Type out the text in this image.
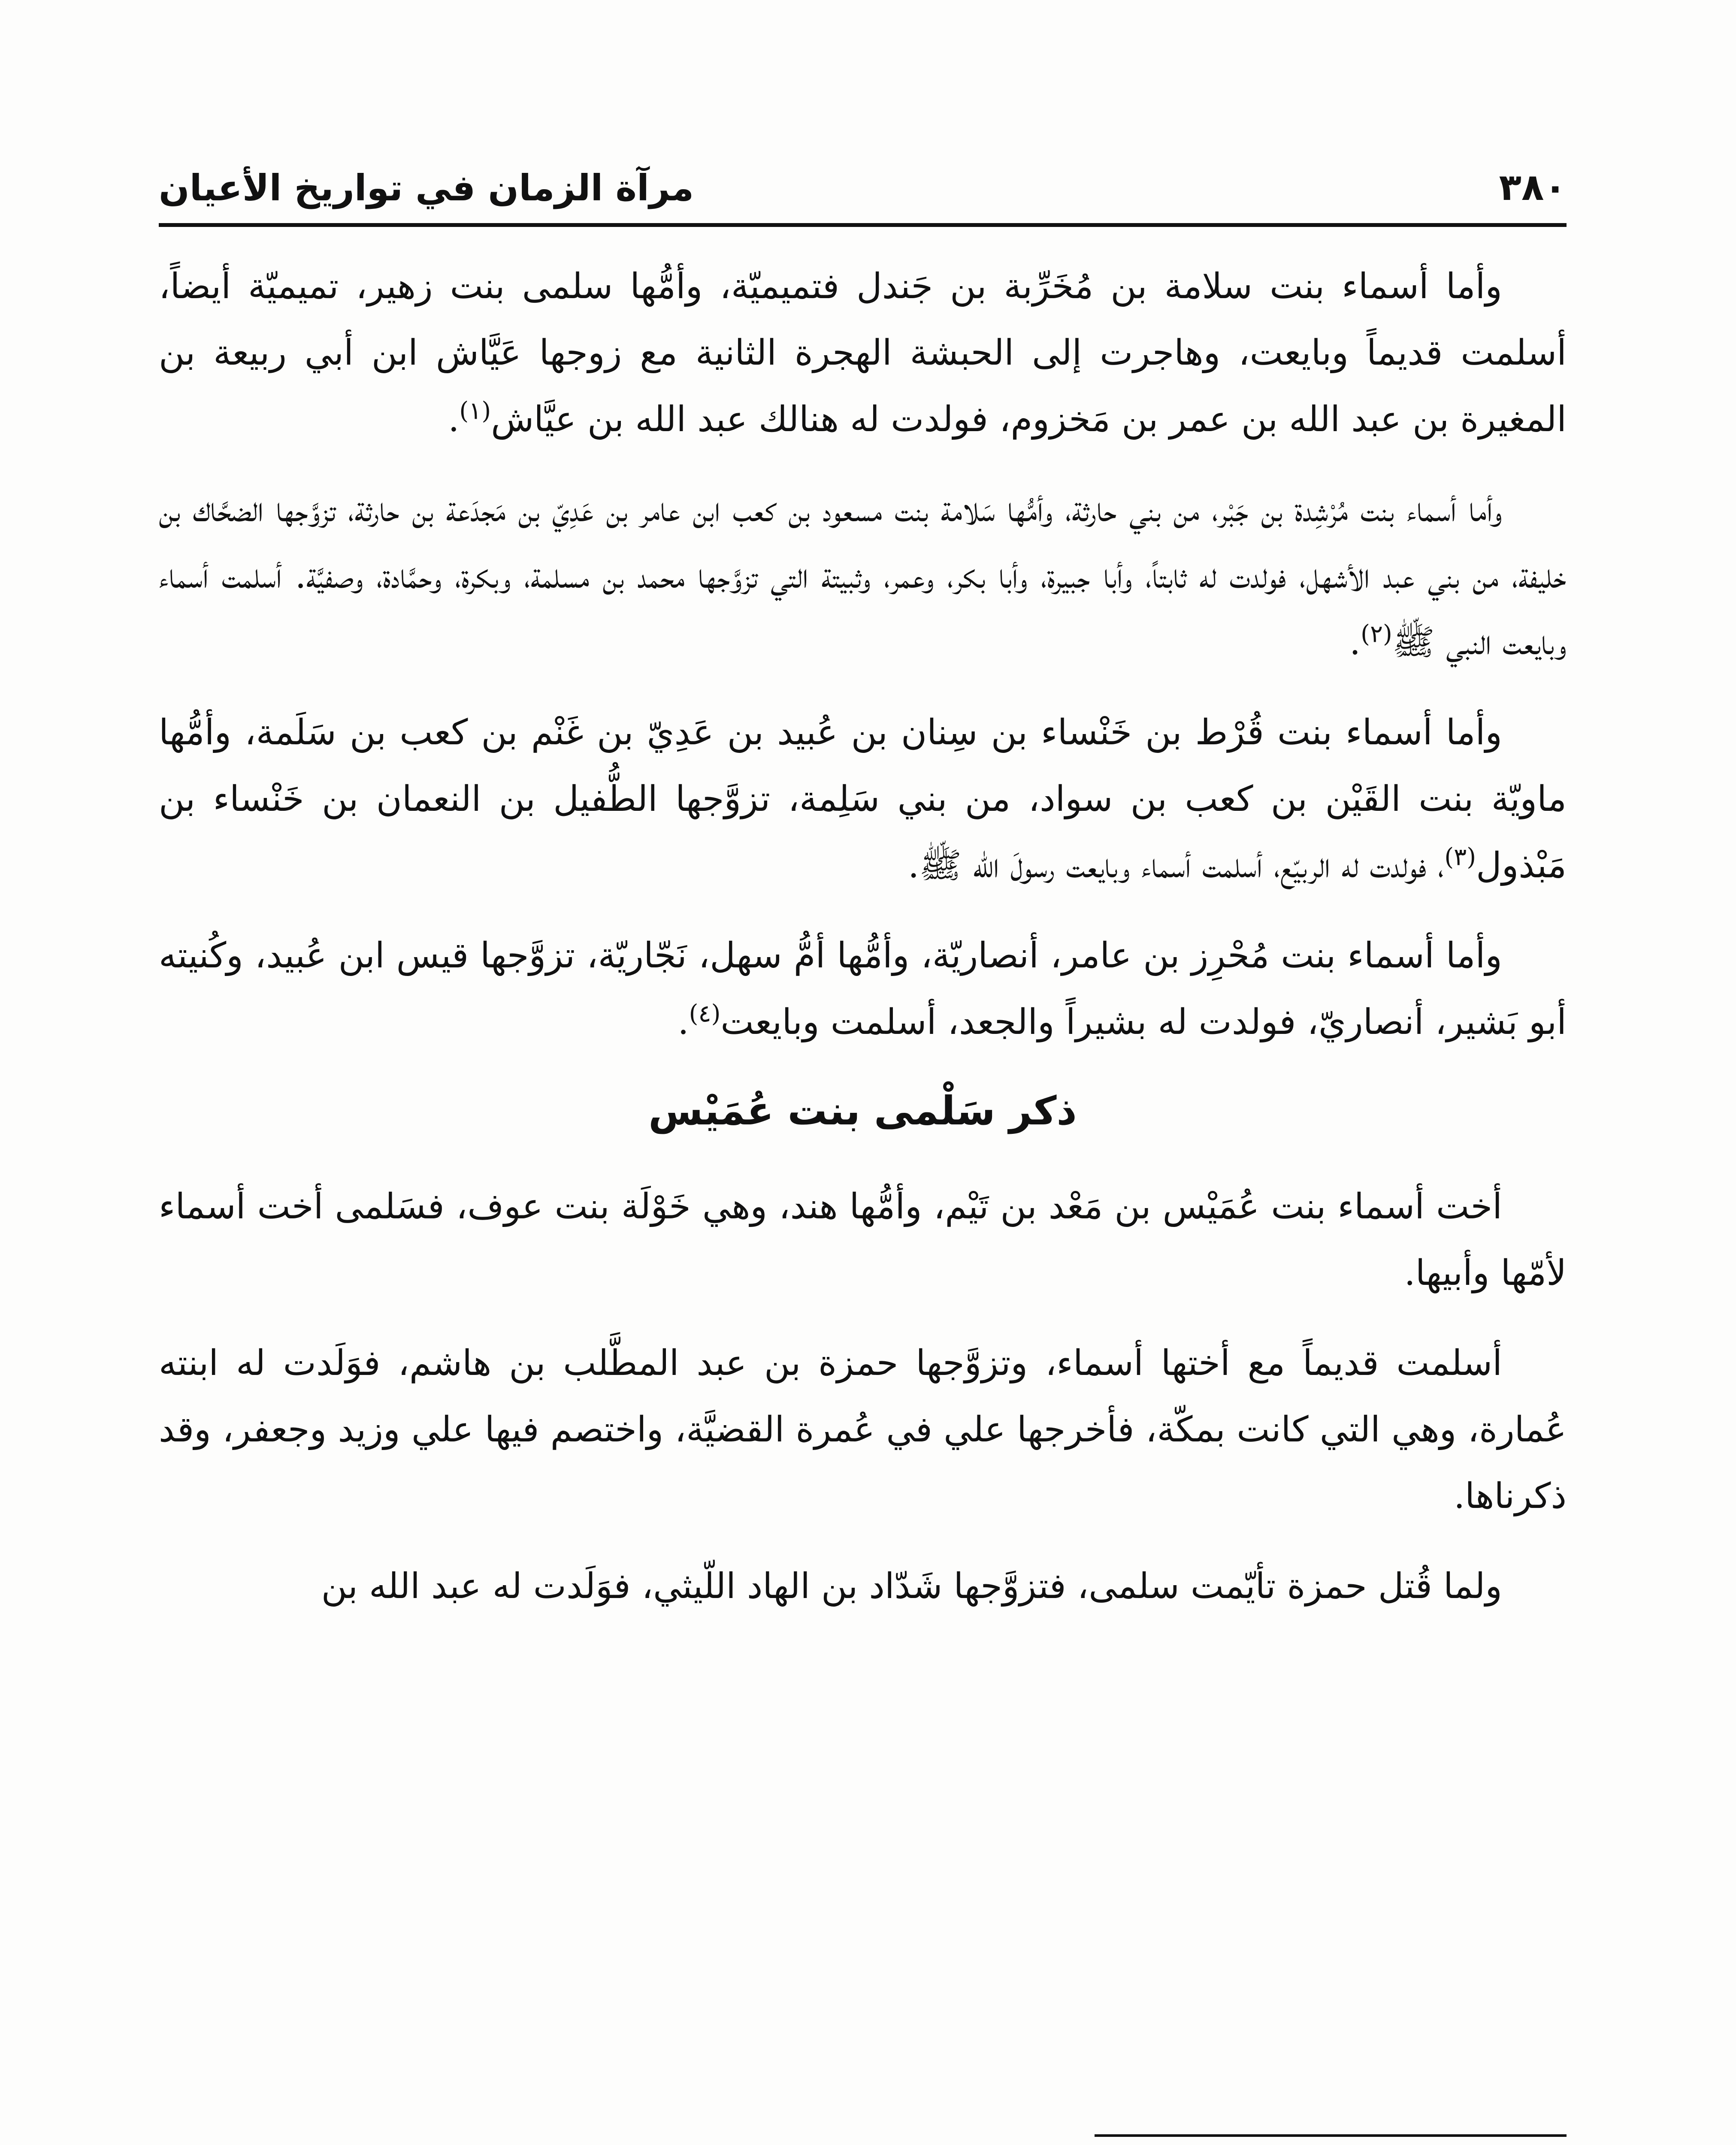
٣٨٠
مرآة الزمان في تواريخ الأعيان

وأما أسماء بنت سلامة بن مُخَرِّبة بن جَندل فتميميّة، وأمُّها سلمى بنت زهير، تميميّة أيضاً، أسلمت قديماً وبايعت، وهاجرت إلى الحبشة الهجرة الثانية مع زوجها عَيَّاش ابن أبي ربيعة بن المغيرة بن عبد الله بن عمر بن مَخزوم، فولدت له هنالك عبد الله بن عيَّاش$^{(١)}$.

وأما أسماء بنت مُرْشِدة بن جَبْر، من بني حارثة، وأمُّها سَلامة بنت مسعود بن كعب ابن عامر بن عَدِيّ بن مَجدَعة بن حارثة، تزوَّجها الضحَّاك بن خليفة، من بني عبد الأشهل، فولدت له ثابتاً، وأبا جبيرة، وأبا بكر، وعمر، وثبيتة التي تزوَّجها محمد بن مسلمة، وبكرة، وحمَّادة، وصفيَّة. أسلمت أسماء وبايعت النبي ﷺ$^{(٢)}$.

وأما أسماء بنت قُرْط بن خَنْساء بن سِنان بن عُبيد بن عَدِيّ بن غَنْم بن كعب بن سَلَمة، وأمُّها ماويّة بنت القَيْن بن كعب بن سواد، من بني سَلِمة، تزوَّجها الطُّفيل بن النعمان بن خَنْساء بن مَبْذول$^{(٣)}$، فولدت له الربيّع، أسلمت أسماء وبايعت رسولَ الله ﷺ.

وأما أسماء بنت مُحْرِز بن عامر، أنصاريّة، وأمُّها أمُّ سهل، نَجّاريّة، تزوَّجها قيس ابن عُبيد، وكُنيته أبو بَشير، أنصاريّ، فولدت له بشيراً والجعد، أسلمت وبايعت$^{(٤)}$.

ذكر سَلْمى بنت عُمَيْس

أخت أسماء بنت عُمَيْس بن مَعْد بن تَيْم، وأمُّها هند، وهي خَوْلَة بنت عوف، فسَلمى أخت أسماء لأمّها وأبيها.

أسلمت قديماً مع أختها أسماء، وتزوَّجها حمزة بن عبد المطَّلب بن هاشم، فوَلَدت له ابنته عُمارة، وهي التي كانت بمكّة، فأخرجها علي في عُمرة القضيَّة، واختصم فيها علي وزيد وجعفر، وقد ذكرناها.

ولما قُتل حمزة تأيّمت سلمى، فتزوَّجها شَدّاد بن الهاد اللّيثي، فوَلَدت له عبد الله بن
